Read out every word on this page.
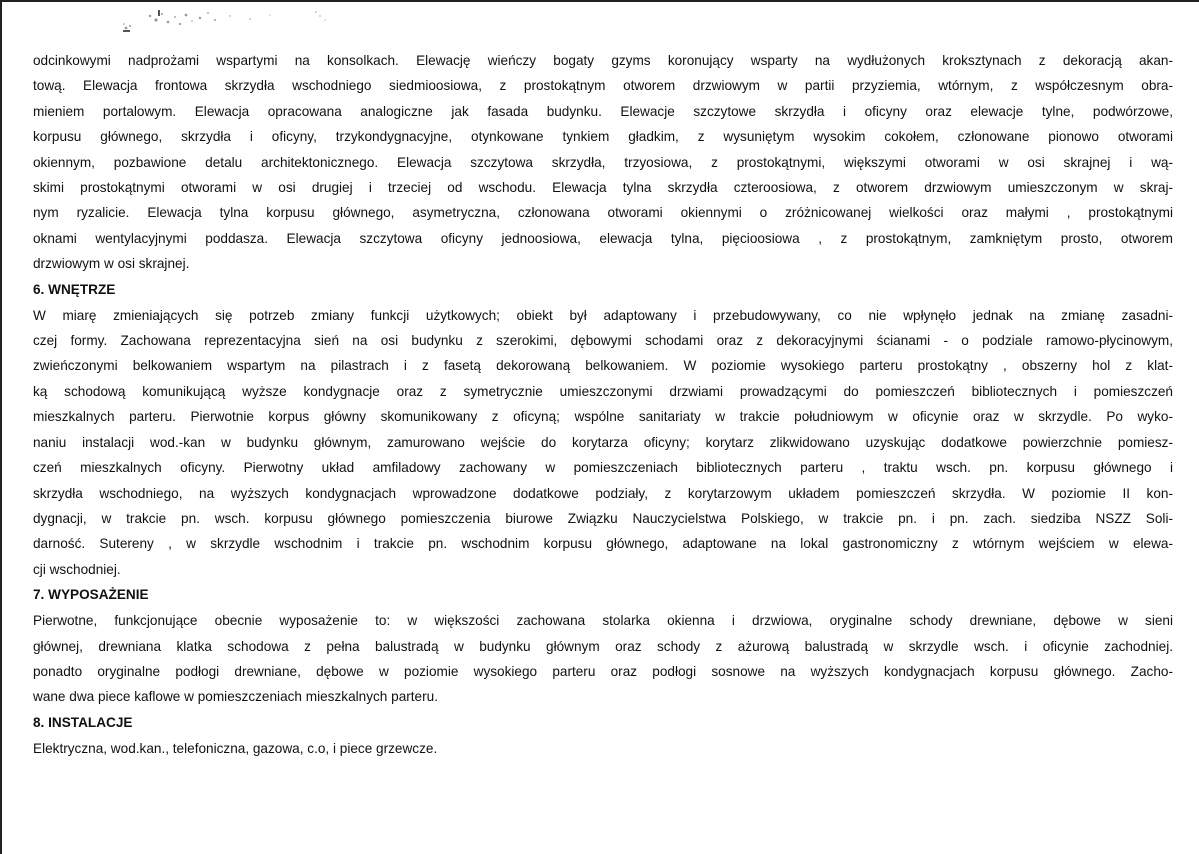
odcinkowymi nadprożami wspartymi na konsolkach. Elewację wieńczy bogaty gzyms koronujący wsparty na wydłużonych kroksztynach z dekoracją akan-
tową. Elewacja frontowa skrzydła wschodniego siedmioosiowa, z prostokątnym otworem drzwiowym w partii przyziemia, wtórnym, z współczesnym obra-
mieniem portalowym. Elewacja opracowana analogiczne jak fasada budynku. Elewacje szczytowe skrzydła i oficyny oraz elewacje tylne, podwórzowe,
korpusu głównego, skrzydła i oficyny, trzykondygnacyjne, otynkowane tynkiem gładkim, z wysuniętym wysokim cokołem, członowane pionowo otworami
okiennym, pozbawione detalu architektonicznego. Elewacja szczytowa skrzydła, trzyosiowa, z prostokątnymi, większymi otworami w osi skrajnej i wą-
skimi prostokątnymi otworami w osi drugiej i trzeciej od wschodu. Elewacja tylna skrzydła czteroosiowa, z otworem drzwiowym umieszczonym w skraj-
nym ryzalicie. Elewacja tylna korpusu głównego, asymetryczna, członowana otworami okiennymi o zróżnicowanej wielkości oraz małymi , prostokątnymi
oknami wentylacyjnymi poddasza. Elewacja szczytowa oficyny jednoosiowa, elewacja tylna, pięcioosiowa , z prostokątnym, zamkniętym prosto, otworem
drzwiowym w osi skrajnej.

6. WNĘTRZE

W miarę zmieniających się potrzeb zmiany funkcji użytkowych; obiekt był adaptowany i przebudowywany, co nie wpłynęło jednak na zmianę zasadni-
czej formy. Zachowana reprezentacyjna sień na osi budynku z szerokimi, dębowymi schodami oraz z dekoracyjnymi ścianami - o podziale ramowo-płycinowym,
zwieńczonymi belkowaniem wspartym na pilastrach i z fasetą dekorowaną belkowaniem. W poziomie wysokiego parteru prostokątny , obszerny hol z klat-
ką schodową komunikującą wyższe kondygnacje oraz z symetrycznie umieszczonymi drzwiami prowadzącymi do pomieszczeń bibliotecznych i pomieszczeń
mieszkalnych parteru. Pierwotnie korpus główny skomunikowany z oficyną; wspólne sanitariaty w trakcie południowym w oficynie oraz w skrzydle. Po wyko-
naniu instalacji wod.-kan w budynku głównym, zamurowano wejście do korytarza oficyny; korytarz zlikwidowano uzyskując dodatkowe powierzchnie pomiesz-
czeń mieszkalnych oficyny. Pierwotny układ amfiladowy zachowany w pomieszczeniach bibliotecznych parteru , traktu wsch. pn. korpusu głównego i
skrzydła wschodniego, na wyższych kondygnacjach wprowadzone dodatkowe podziały, z korytarzowym układem pomieszczeń skrzydła. W poziomie II kon-
dygnacji, w trakcie pn. wsch. korpusu głównego pomieszczenia biurowe Związku Nauczycielstwa Polskiego, w trakcie pn. i pn. zach. siedziba NSZZ Soli-
darność. Sutereny , w skrzydle wschodnim i trakcie pn. wschodnim korpusu głównego, adaptowane na lokal gastronomiczny z wtórnym wejściem w elewa-
cji wschodniej.

7. WYPOSAŻENIE

Pierwotne, funkcjonujące obecnie wyposażenie to: w większości zachowana stolarka okienna i drzwiowa, oryginalne schody drewniane, dębowe w sieni
głównej, drewniana klatka schodowa z pełna balustradą w budynku głównym oraz schody z ażurową balustradą w skrzydle wsch. i oficynie zachodniej.
ponadto oryginalne podłogi drewniane, dębowe w poziomie wysokiego parteru oraz podłogi sosnowe na wyższych kondygnacjach korpusu głównego. Zacho-
wane dwa piece kaflowe w pomieszczeniach mieszkalnych parteru.

8. INSTALACJE

Elektryczna, wod.kan., telefoniczna, gazowa, c.o, i piece grzewcze.
